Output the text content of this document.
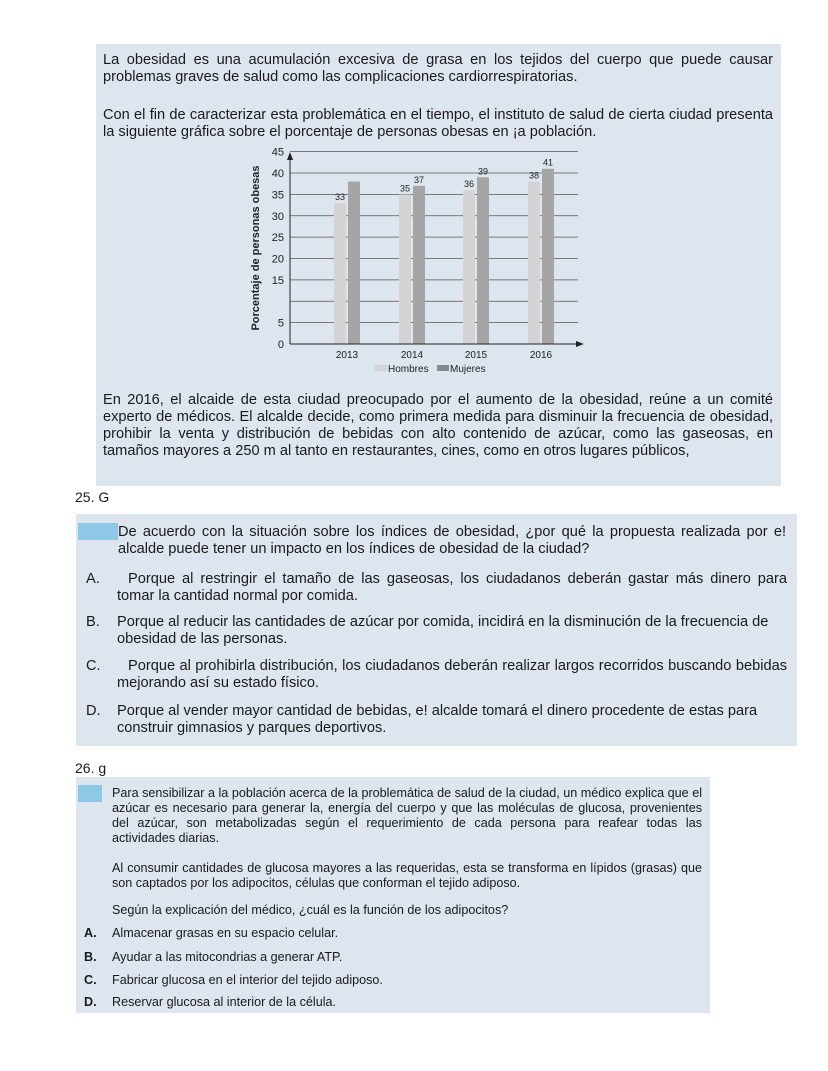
La obesidad es una acumulación excesiva de grasa en los tejidos del cuerpo que puede causar problemas graves de salud como las complicaciones cardiorrespiratorias.
Con el fin de caracterizar esta problemática en el tiempo, el instituto de salud de cierta ciudad presenta la siguiente gráfica sobre el porcentaje de personas obesas en ¡a población.
45
40
35
30
25
20
15
5
0
2013	2014	2015	2016
33
35
37	36
39	38
41
Porcentaje de personas obesas
Hombres Mujeres
En 2016, el alcaide de esta ciudad preocupado por el aumento de la obesidad, reúne a un comité experto de médicos. El alcalde decide, como primera medida para disminuir la frecuencia de obesidad, prohibir la venta y distribución de bebidas con alto contenido de azúcar, como las gaseosas, en tamaños mayores a 250 m al tanto en restaurantes, cines, como en otros lugares públicos,
25. G
De acuerdo con la situación sobre los índices de obesidad, ¿por qué la propuesta realizada por e! alcalde puede tener un impacto en los índices de obesidad de la ciudad?
A.	Porque al restringir el tamaño de las gaseosas, los ciudadanos deberán gastar más dinero para tomar la cantidad normal por comida.
B. Porque al reducir las cantidades de azúcar por comida, incidirá en la disminución de la frecuencia de obesidad de las personas.
C.	Porque al prohibirla distribución, los ciudadanos deberán realizar largos recorridos buscando bebidas mejorando así su estado físico.
D. Porque al vender mayor cantidad de bebidas, e! alcalde tomará el dinero procedente de estas para construir gimnasios y parques deportivos.
26. g
Para sensibilizar a la población acerca de la problemática de salud de la ciudad, un médico explica que el azúcar es necesario para generar la, energía del cuerpo y que las moléculas de glucosa, provenientes del azúcar, son metabolizadas según el requerimiento de cada persona para reafear todas las actividades diarias.
Al consumir cantidades de glucosa mayores a las requeridas, esta se transforma en lípidos (grasas) que son captados por los adipocitos, células que conforman el tejido adiposo.
Según la explicación del médico, ¿cuál es la función de los adipocitos?
A. Almacenar grasas en su espacio celular.
B. Ayudar a las mitocondrias a generar ATP.
C. Fabricar glucosa en el interior del tejido adiposo.
D. Reservar glucosa al interior de la célula.
